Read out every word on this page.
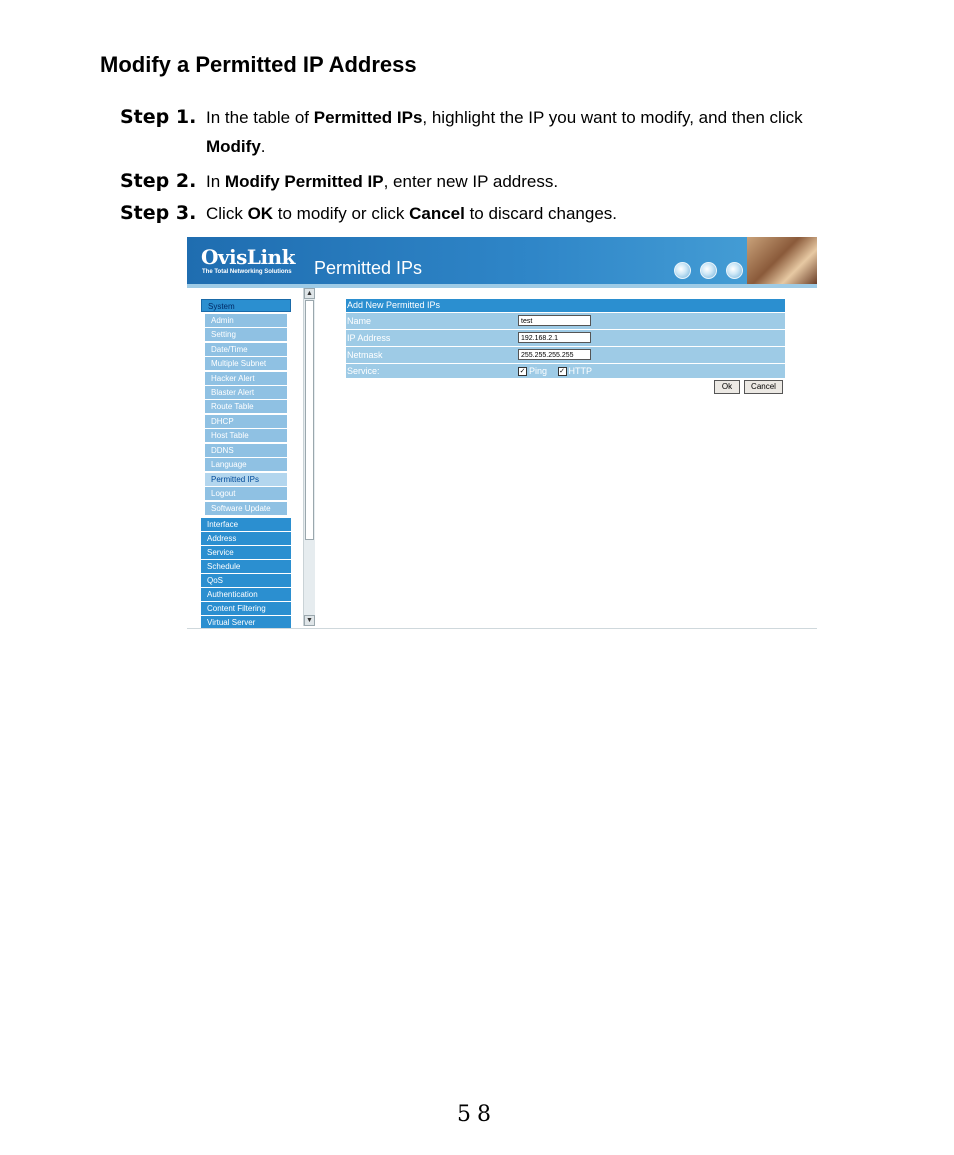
Modify a Permitted IP Address
Step 1. In the table of Permitted IPs, highlight the IP you want to modify, and then click
Modify.
Step 2. In Modify Permitted IP, enter new IP address.
Step 3. Click OK to modify or click Cancel to discard changes.
OvisLink
The Total Networking Solutions Permitted IPs
System
Admin
Setting
Date/Time
Multiple Subnet
Hacker Alert
Blaster Alert
Route Table
DHCP
Host Table
DDNS
Language
Permitted IPs
Logout
Software Update
Interface
Address
Service
Schedule
QoS
Authentication
Content Filtering
Virtual Server
▲
▼
Add New Permitted IPs
Name	test
IP Address	192.168.2.1
Netmask	255.255.255.255
Service:	✓ Ping ✓ HTTP
Ok	Cancel
58
